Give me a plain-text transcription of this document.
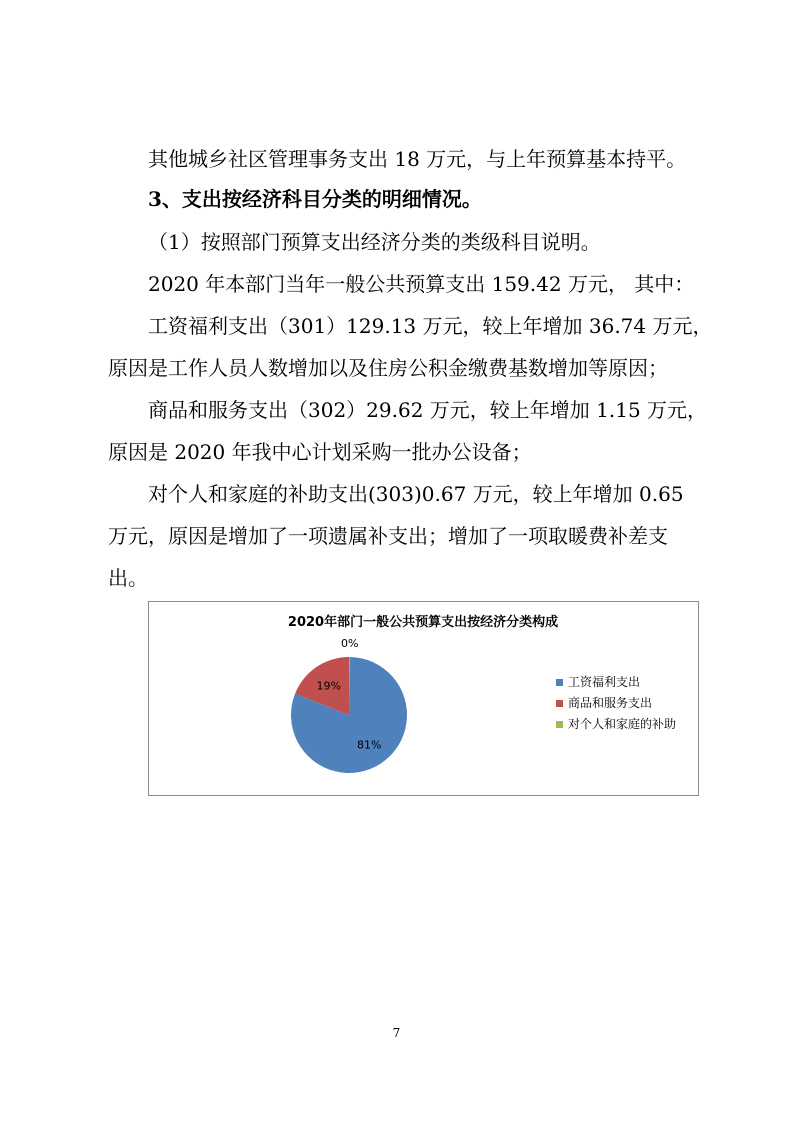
其他城乡社区管理事务支出 18 万元，与上年预算基本持平。
3、支出按经济科目分类的明细情况。
（1）按照部门预算支出经济分类的类级科目说明。
2020 年本部门当年一般公共预算支出 159.42 万元， 其中：
工资福利支出（301）129.13 万元，较上年增加 36.74 万元，
原因是工作人员人数增加以及住房公积金缴费基数增加等原因；
商品和服务支出（302）29.62 万元，较上年增加 1.15 万元，
原因是 2020 年我中心计划采购一批办公设备；
对个人和家庭的补助支出(303)0.67 万元，较上年增加 0.65
万元，原因是增加了一项遗属补支出；增加了一项取暖费补差支
出。
2020年部门一般公共预算支出按经济分类构成
81%
19%
0%
工资福利支出
商品和服务支出
对个人和家庭的补助
7
